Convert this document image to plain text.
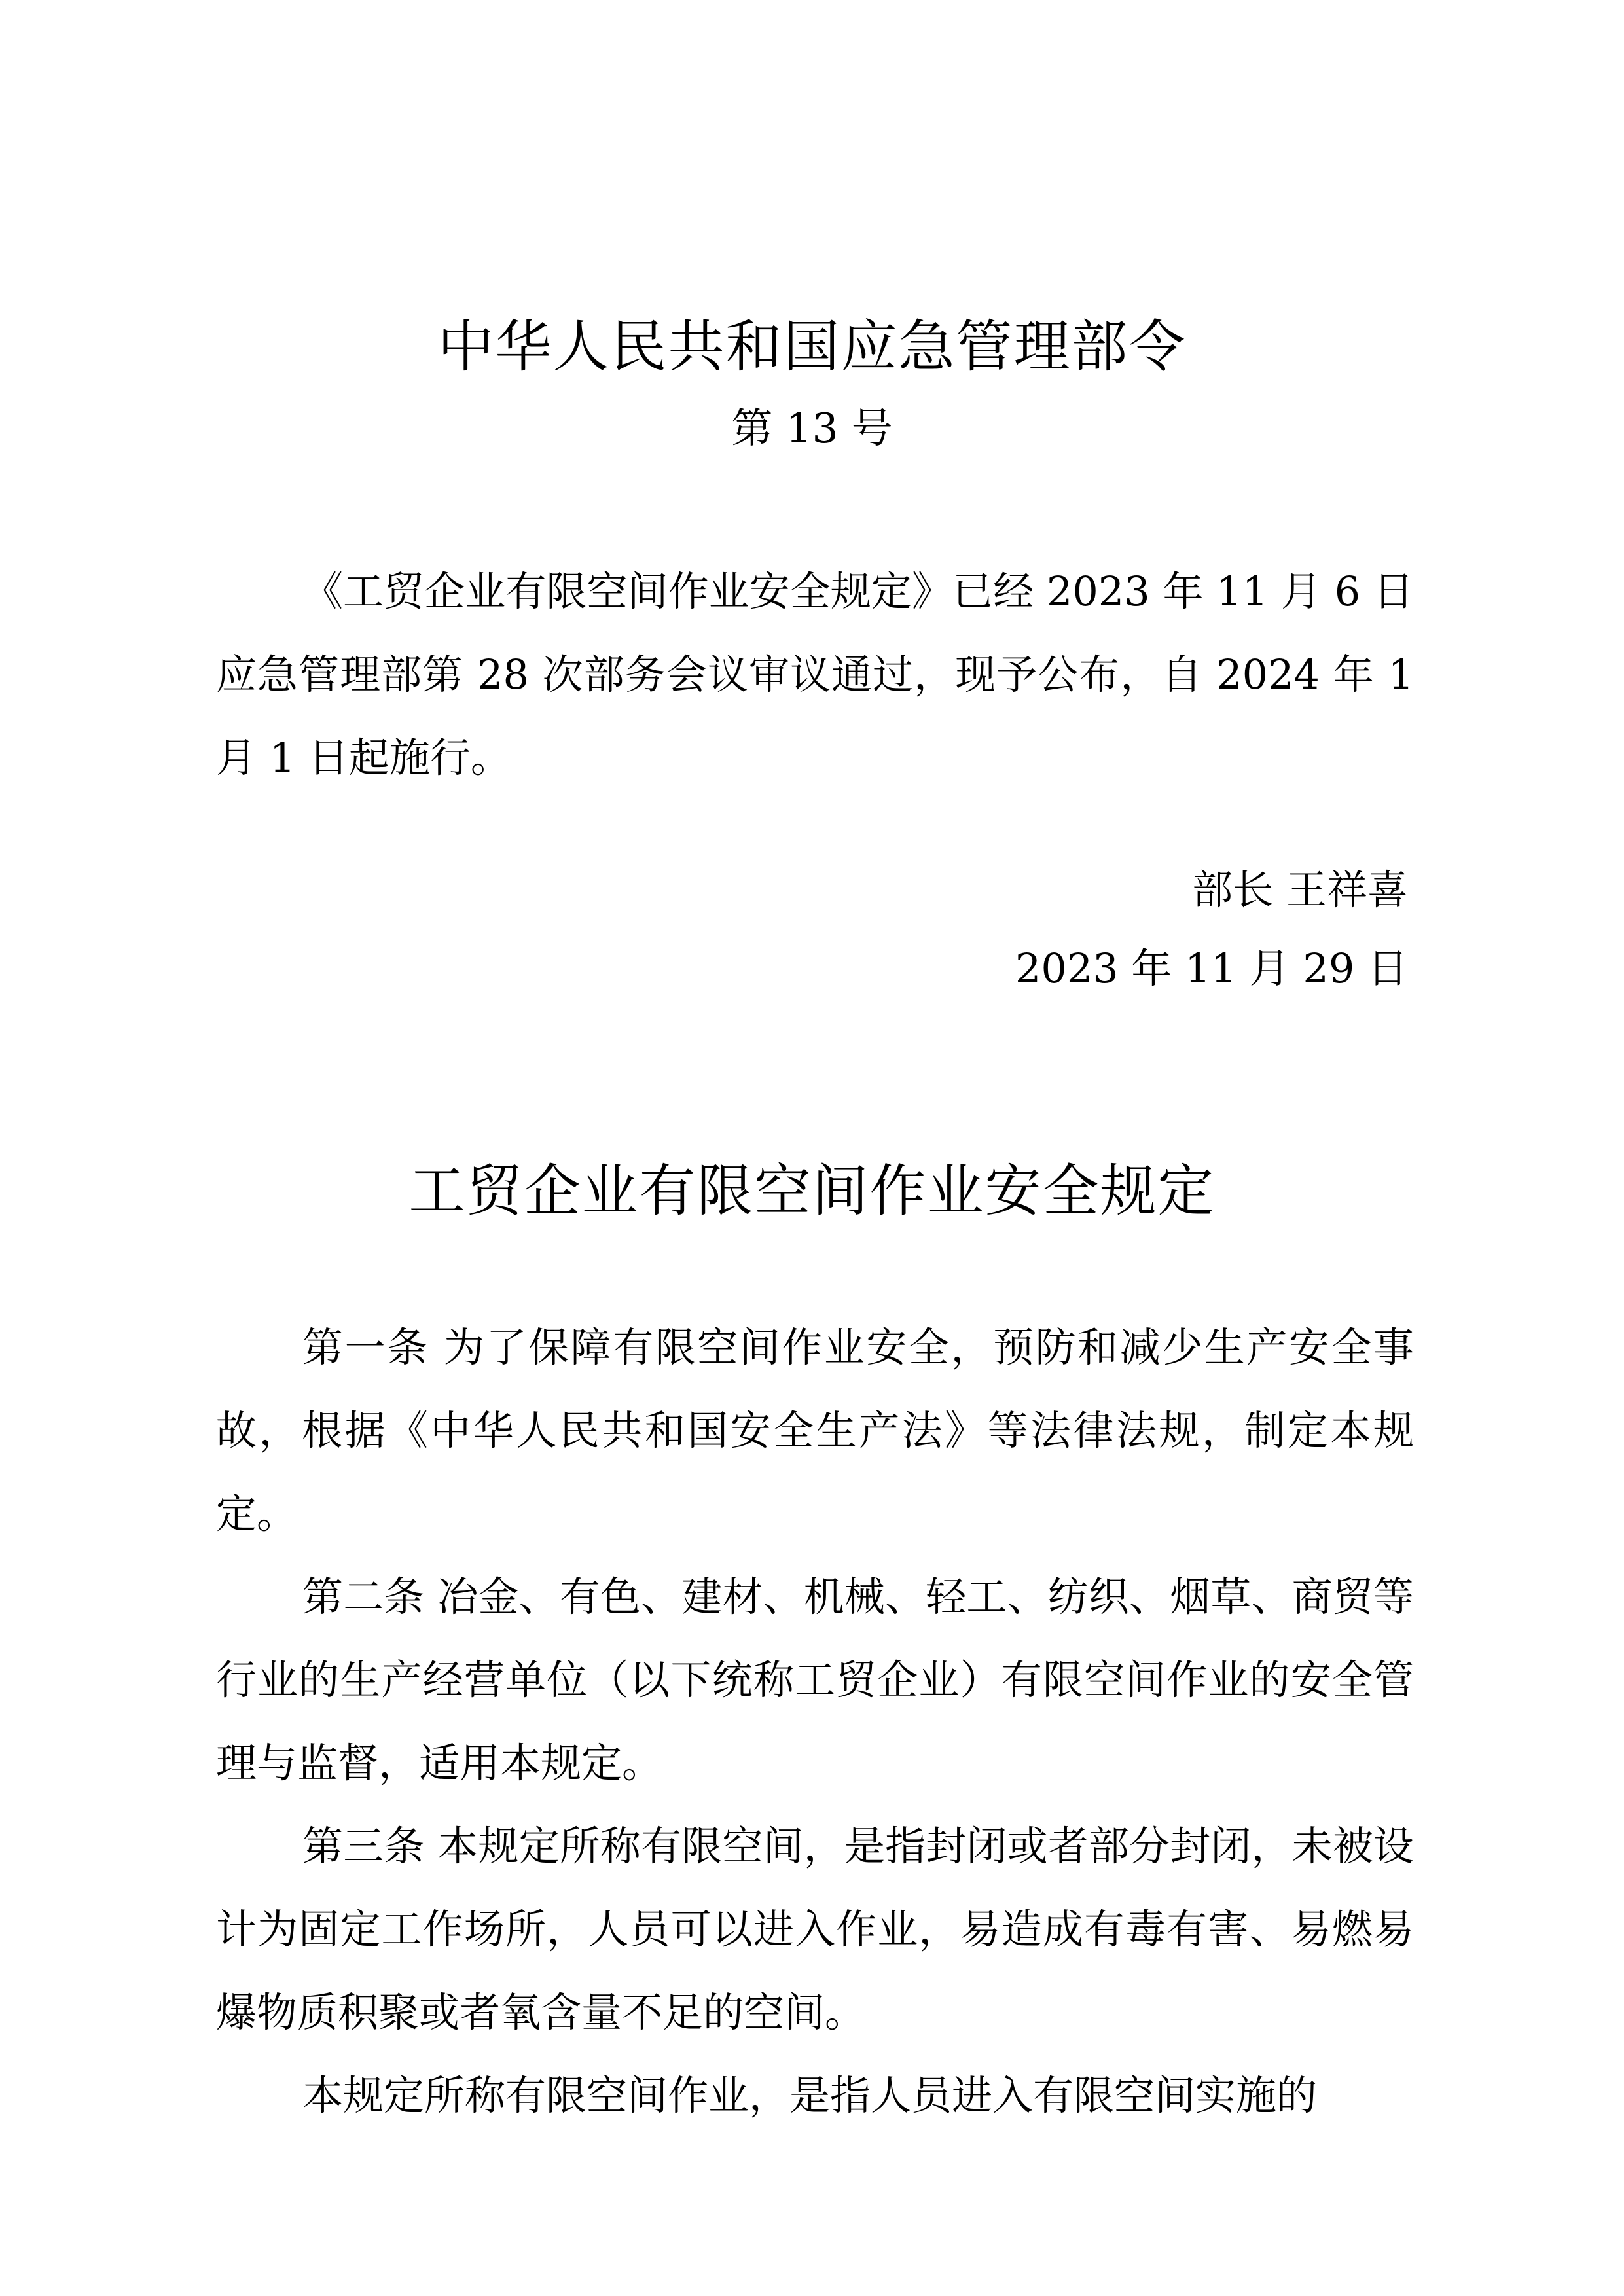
中华人民共和国应急管理部令
第 13 号

《工贸企业有限空间作业安全规定》已经 2023 年 11 月 6 日应急管理部第 28 次部务会议审议通过，现予公布，自 2024 年 1 月 1 日起施行。

部长 王祥喜
2023 年 11 月 29 日
工贸企业有限空间作业安全规定

第一条 为了保障有限空间作业安全，预防和减少生产安全事故，根据《中华人民共和国安全生产法》等法律法规，制定本规定。

第二条 冶金、有色、建材、机械、轻工、纺织、烟草、商贸等行业的生产经营单位（以下统称工贸企业）有限空间作业的安全管理与监督，适用本规定。

第三条 本规定所称有限空间，是指封闭或者部分封闭，未被设计为固定工作场所，人员可以进入作业，易造成有毒有害、易燃易爆物质积聚或者氧含量不足的空间。

本规定所称有限空间作业，是指人员进入有限空间实施的
